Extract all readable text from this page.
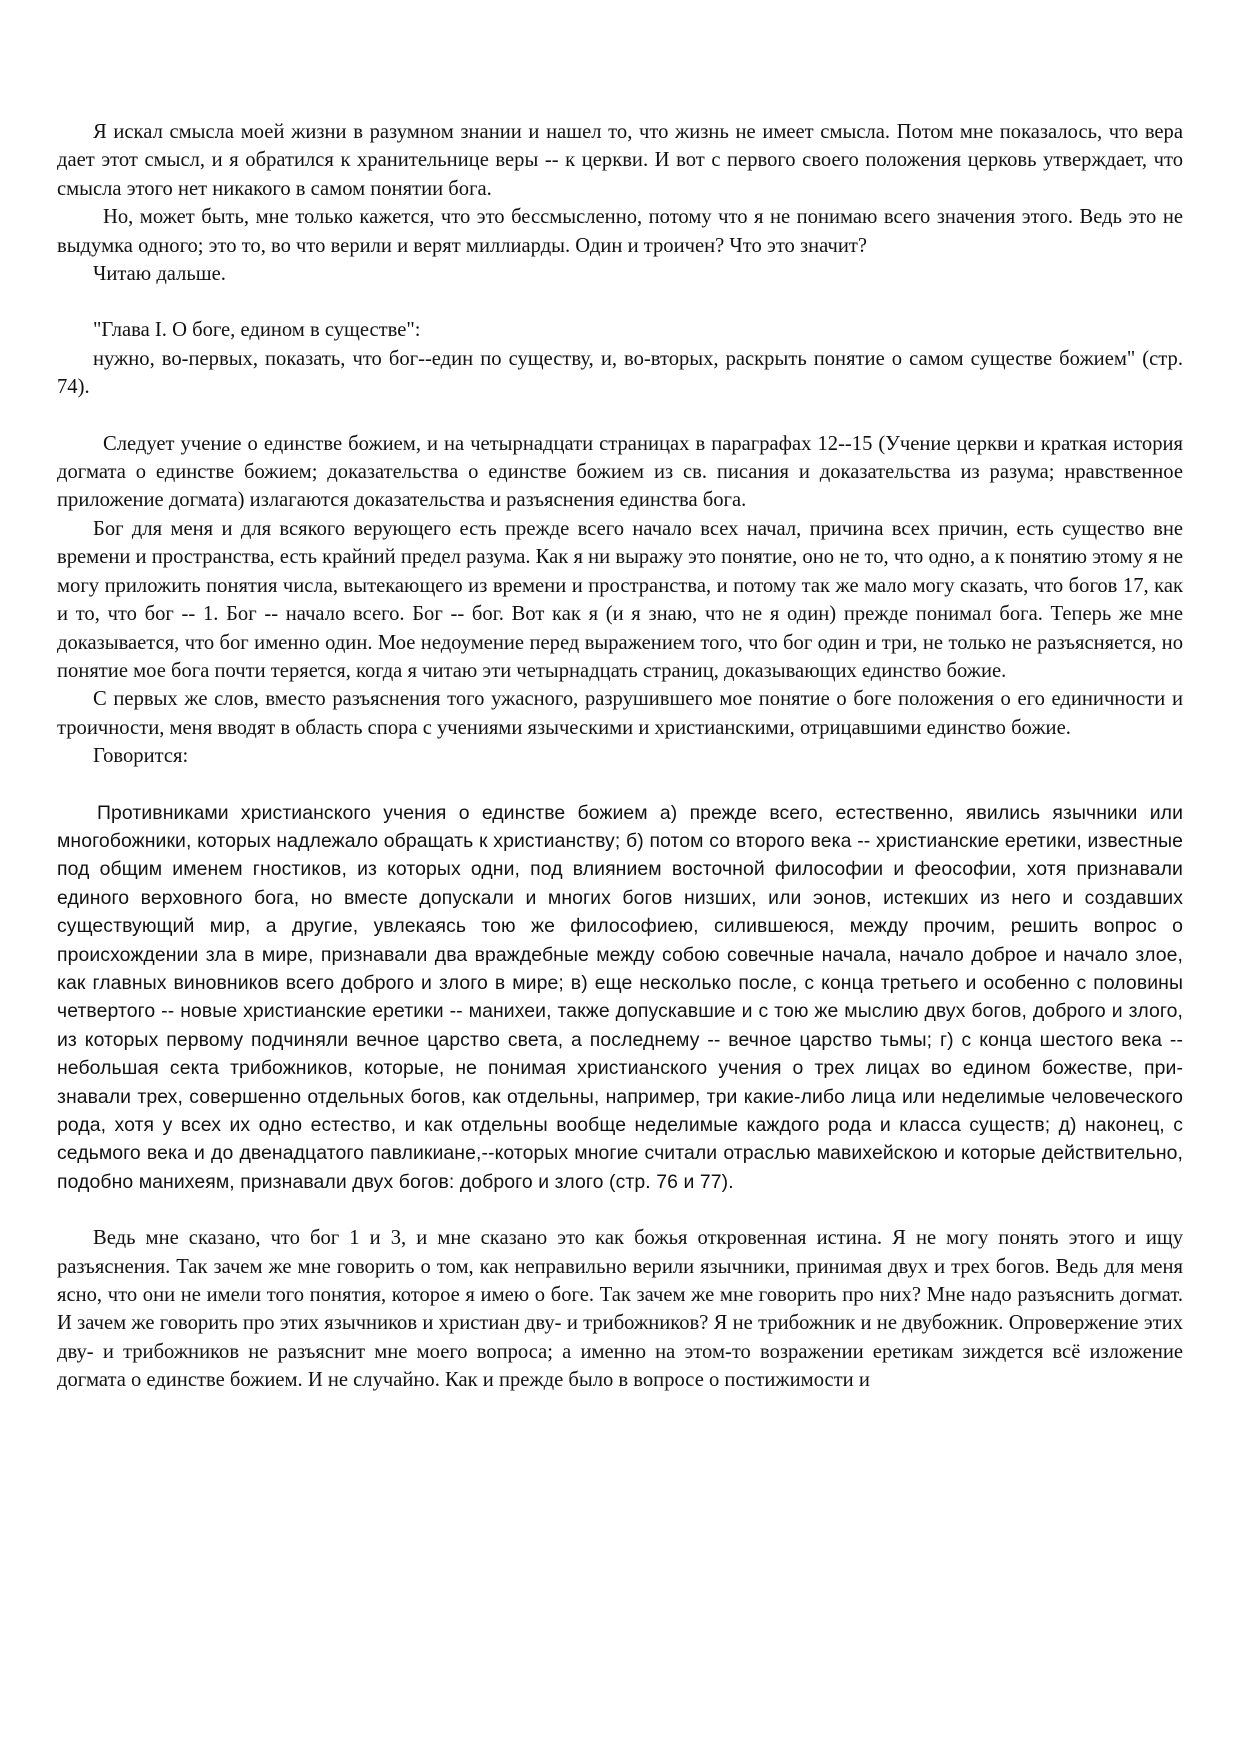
Я искал смысла моей жизни в разумном знании и нашел то, что жизнь не имеет смысла. Потом мне показалось, что вера дает этот смысл, и я обратился к хранительнице веры -- к церкви. И вот с первого своего положения церковь утверждает, что смысла этого нет никакого в самом понятии бога.

Но, может быть, мне только кажется, что это бессмысленно, потому что я не понимаю всего значения этого. Ведь это не выдумка одного; это то, во что верили и верят миллиарды. Один и троичен? Что это значит?

Читаю дальше.

"Глава I. О боге, едином в существе":

нужно, во-первых, показать, что бог--един по существу, и, во-вторых, раскрыть понятие о самом существе божием" (стр. 74).

Следует учение о единстве божием, и на четырнадцати страницах в параграфах 12--15 (Учение церкви и краткая история догмата о единстве божием; доказательства о единстве божием из св. писания и доказательства из разума; нравственное приложение догмата) излагаются доказательства и разъяснения единства бога.

Бог для меня и для всякого верующего есть прежде всего начало всех начал, причина всех причин, есть существо вне времени и пространства, есть крайний предел разума. Как я ни выражу это понятие, оно не то, что одно, а к понятию этому я не могу приложить понятия числа, вытекающего из времени и пространства, и потому так же мало могу сказать, что богов 17, как и то, что бог -- 1. Бог -- начало всего. Бог -- бог. Вот как я (и я знаю, что не я один) прежде понимал бога. Теперь же мне доказывается, что бог именно один. Мое недоумение перед выражением того, что бог один и три, не только не разъясняется, но понятие мое бога почти теряется, когда я читаю эти четырнадцать страниц, доказывающих единство божие.

С первых же слов, вместо разъяснения того ужасного, разрушившего мое понятие о боге положения о его единичности и троичности, меня вводят в область спора с учениями языческими и христианскими, отрицавшими единство божие.

Говорится:

Противниками христианского учения о единстве божием а) прежде всего, естественно, явились язычники или многобожники, которых надлежало обращать к христианству; б) потом со второго века -- христианские еретики, известные под общим именем гностиков, из которых одни, под влиянием восточной философии и феософии, хотя признавали единого верховного бога, но вместе допускали и многих богов низших, или эонов, истекших из него и создавших существующий мир, а другие, увлекаясь тою же философиею, силившеюся, между прочим, решить вопрос о происхождении зла в мире, признавали два враждебные между собою совечные начала, начало доброе и начало злое, как главных виновников всего доброго и злого в мире; в) еще несколько после, с конца третьего и особенно с половины четвертого -- новые христианские еретики -- манихеи, также допускавшие и с тою же мыслию двух богов, доброго и злого, из которых первому подчиняли вечное царство света, а последнему -- вечное царство тьмы; г) с конца шестого века -- небольшая секта трибожников, которые, не понимая христианского учения о трех лицах во едином божестве, при- знавали трех, совершенно отдельных богов, как отдельны, например, три какие-либо лица или неделимые человеческого рода, хотя у всех их одно естество, и как отдельны вообще неделимые каждого рода и класса существ; д) наконец, с седьмого века и до двенадцатого павликиане,--которых многие считали отраслью мавихейскою и которые действительно, подобно манихеям, признавали двух богов: доброго и злого (стр. 76 и 77).

Ведь мне сказано, что бог 1 и 3, и мне сказано это как божья откровенная истина. Я не могу понять этого и ищу разъяснения. Так зачем же мне говорить о том, как неправильно верили язычники, принимая двух и трех богов. Ведь для меня ясно, что они не имели того понятия, которое я имею о боге. Так зачем же мне говорить про них? Мне надо разъяснить догмат. И зачем же говорить про этих язычников и христиан дву- и трибожников? Я не трибожник и не двубожник. Опровержение этих дву- и трибожников не разъяснит мне моего вопроса; а именно на этом-то возражении еретикам зиждется всё изложение догмата о единстве божием. И не случайно. Как и прежде было в вопросе о постижимости и
